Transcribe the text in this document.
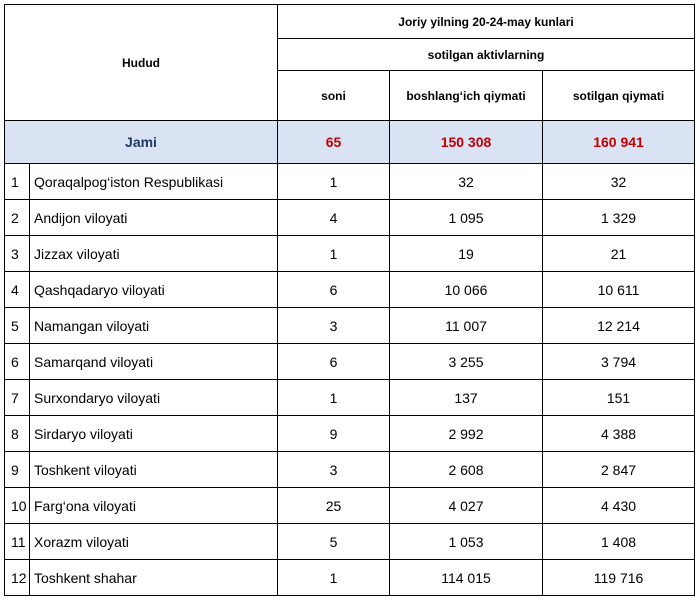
Hudud		Joriy yilning 20-24-may kunlari		
		sotilgan aktivlarning		
		soni	boshlang‘ich qiymati	sotilgan qiymati
Jami		65	150 308	160 941
1	Qoraqalpog‘iston Respublikasi	1	32	32
2	Andijon viloyati	4	1 095	1 329
3	Jizzax viloyati	1	19	21
4	Qashqadaryo viloyati	6	10 066	10 611
5	Namangan viloyati	3	11 007	12 214
6	Samarqand viloyati	6	3 255	3 794
7	Surxondaryo viloyati	1	137	151
8	Sirdaryo viloyati	9	2 992	4 388
9	Toshkent viloyati	3	2 608	2 847
10	Farg‘ona viloyati	25	4 027	4 430
11	Xorazm viloyati	5	1 053	1 408
12	Toshkent shahar	1	114 015	119 716
